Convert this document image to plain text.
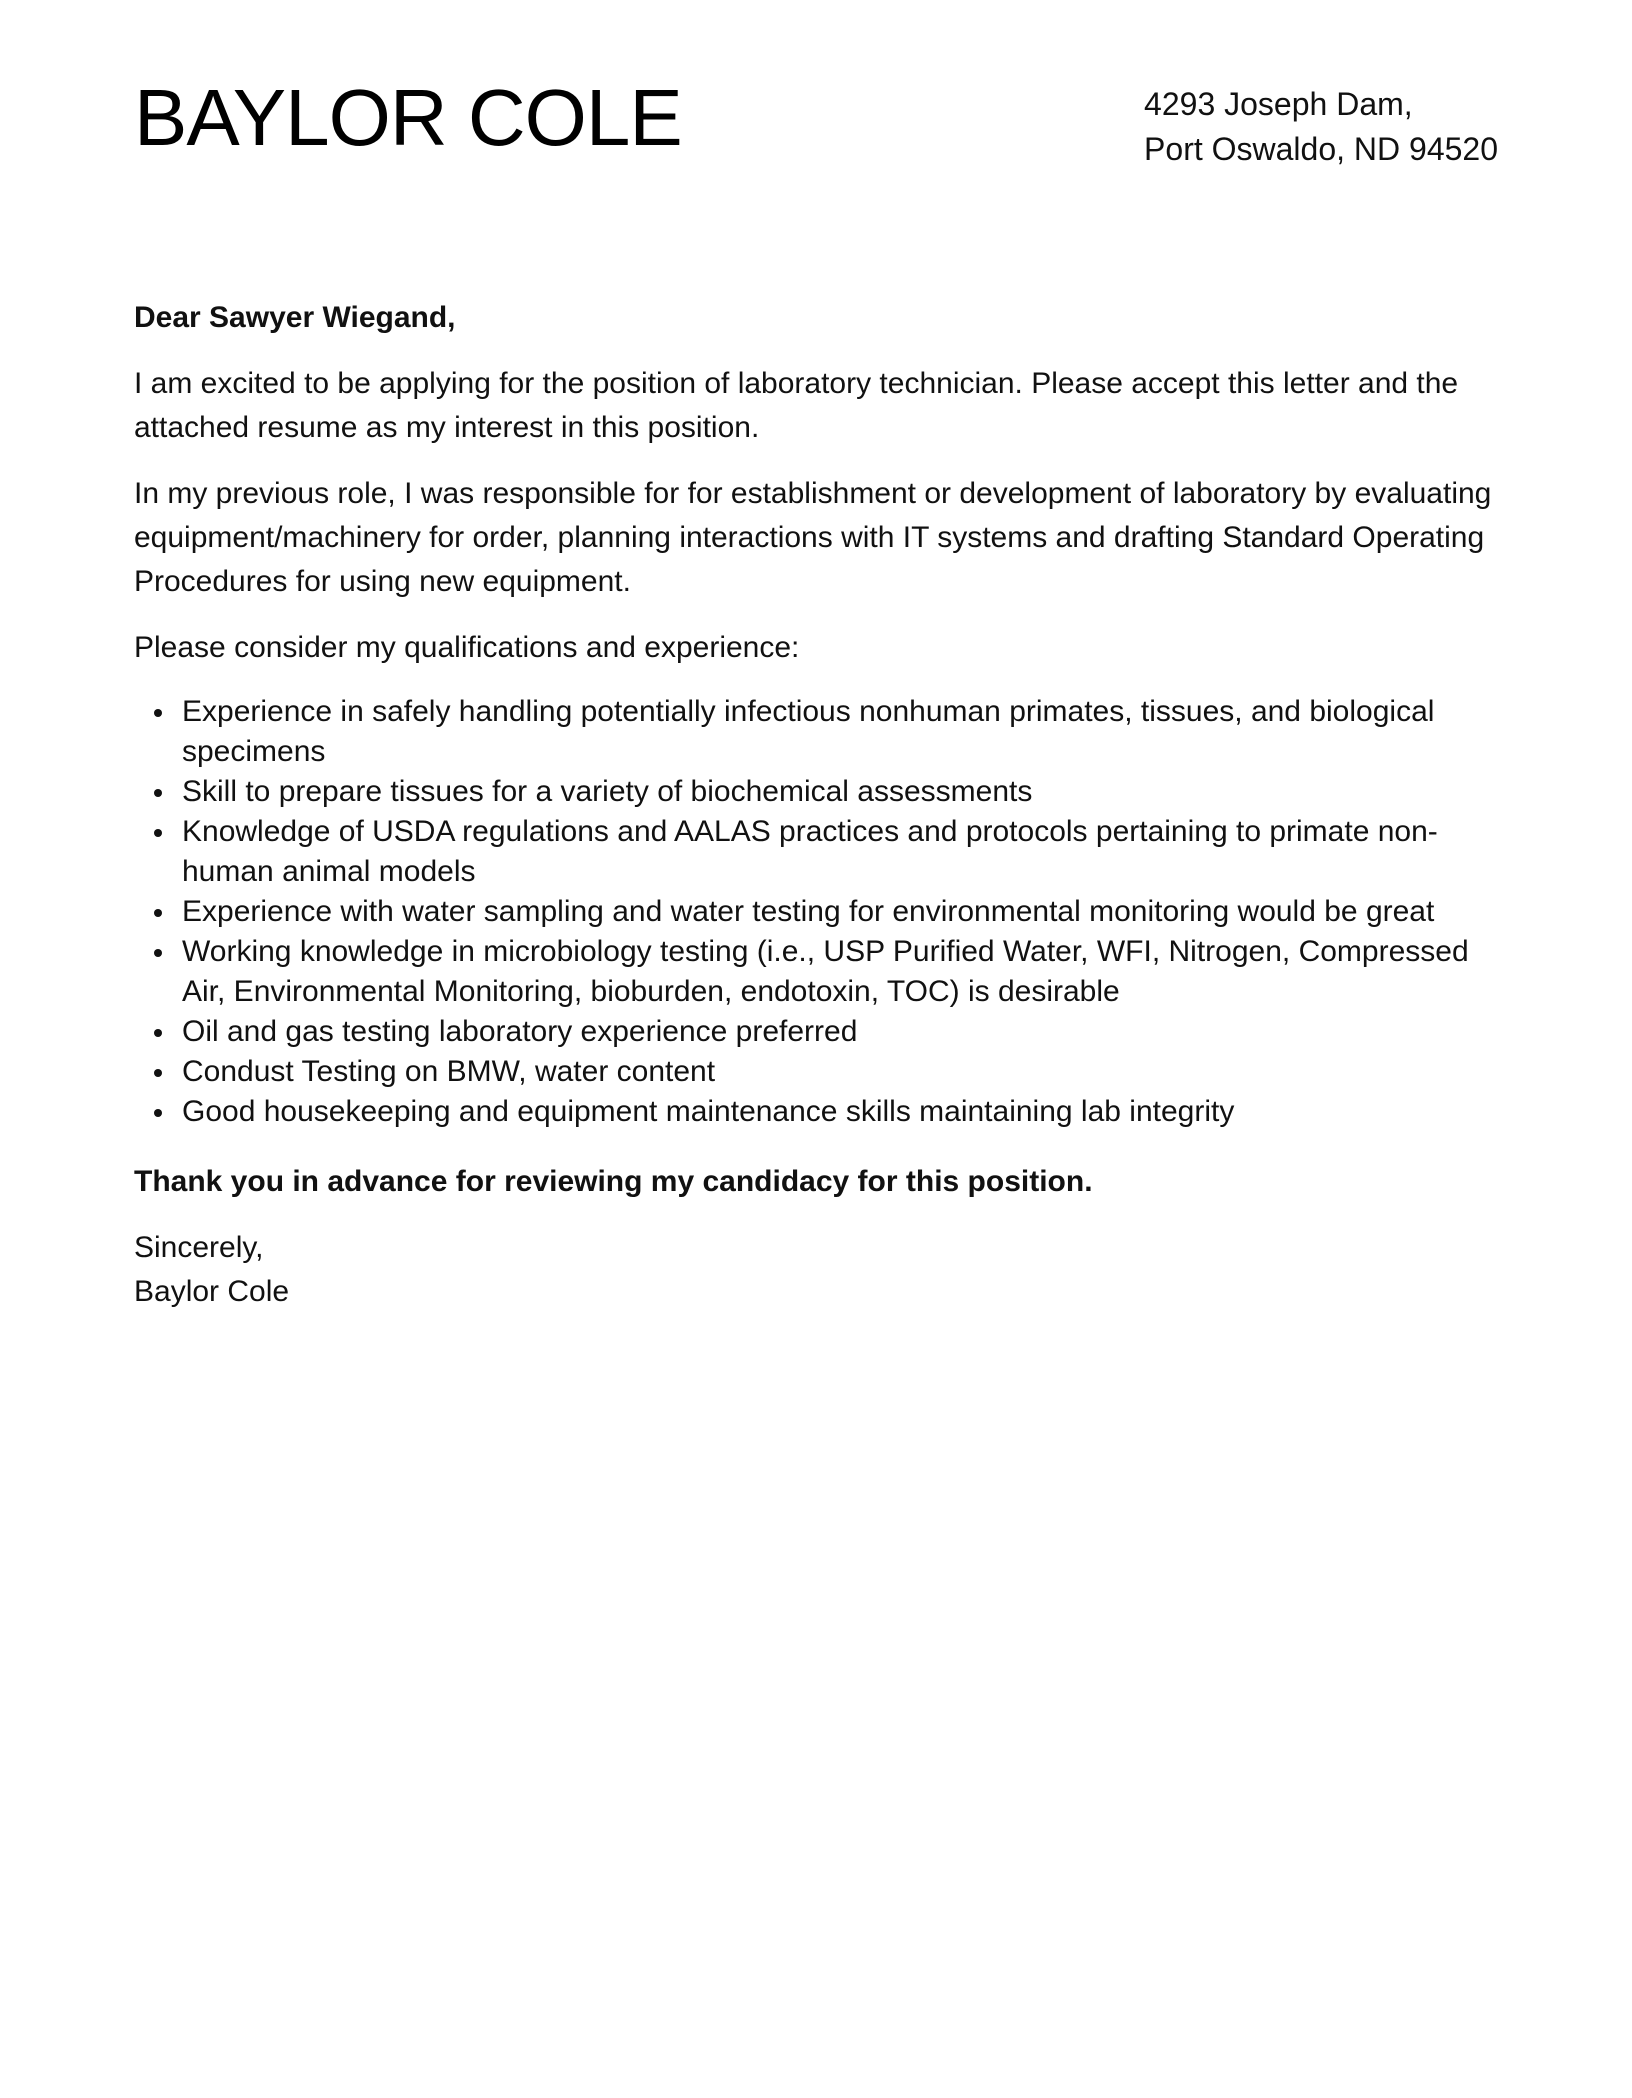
BAYLOR COLE	4293 Joseph Dam,
Port Oswaldo, ND 94520
Dear Sawyer Wiegand,

I am excited to be applying for the position of laboratory technician. Please accept this letter and the attached resume as my interest in this position.

In my previous role, I was responsible for for establishment or development of laboratory by evaluating equipment/machinery for order, planning interactions with IT systems and drafting Standard Operating Procedures for using new equipment.

Please consider my qualifications and experience:

Experience in safely handling potentially infectious nonhuman primates, tissues, and biological specimens
Skill to prepare tissues for a variety of biochemical assessments
Knowledge of USDA regulations and AALAS practices and protocols pertaining to primate non-human animal models
Experience with water sampling and water testing for environmental monitoring would be great
Working knowledge in microbiology testing (i.e., USP Purified Water, WFI, Nitrogen, Compressed Air, Environmental Monitoring, bioburden, endotoxin, TOC) is desirable
Oil and gas testing laboratory experience preferred
Condust Testing on BMW, water content
Good housekeeping and equipment maintenance skills maintaining lab integrity

Thank you in advance for reviewing my candidacy for this position.

Sincerely,
Baylor Cole
